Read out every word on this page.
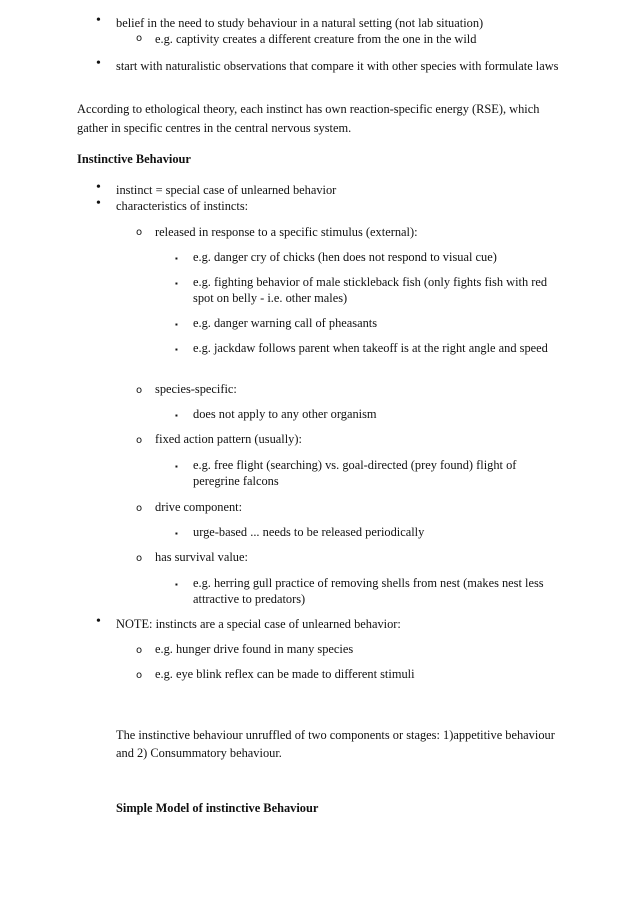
• belief in the need to study behaviour in a natural setting (not lab situation)
o e.g. captivity creates a different creature from the one in the wild
• start with naturalistic observations that compare it with other species with formulate laws
According to ethological theory, each instinct has own reaction-specific energy (RSE), which gather in specific centres in the central nervous system.
Instinctive Behaviour
• instinct = special case of unlearned behavior
• characteristics of instincts:
o released in response to a specific stimulus (external):
▪ e.g. danger cry of chicks (hen does not respond to visual cue)
▪ e.g. fighting behavior of male stickleback fish (only fights fish with red spot on belly - i.e. other males)
▪ e.g. danger warning call of pheasants
▪ e.g. jackdaw follows parent when takeoff is at the right angle and speed
o species-specific:
▪ does not apply to any other organism
o fixed action pattern (usually):
▪ e.g. free flight (searching) vs. goal-directed (prey found) flight of peregrine falcons
o drive component:
▪ urge-based ... needs to be released periodically
o has survival value:
▪ e.g. herring gull practice of removing shells from nest (makes nest less attractive to predators)
• NOTE: instincts are a special case of unlearned behavior:
o e.g. hunger drive found in many species
o e.g. eye blink reflex can be made to different stimuli
The instinctive behaviour unruffled of two components or stages: 1)appetitive behaviour and 2) Consummatory behaviour.
Simple Model of instinctive Behaviour
